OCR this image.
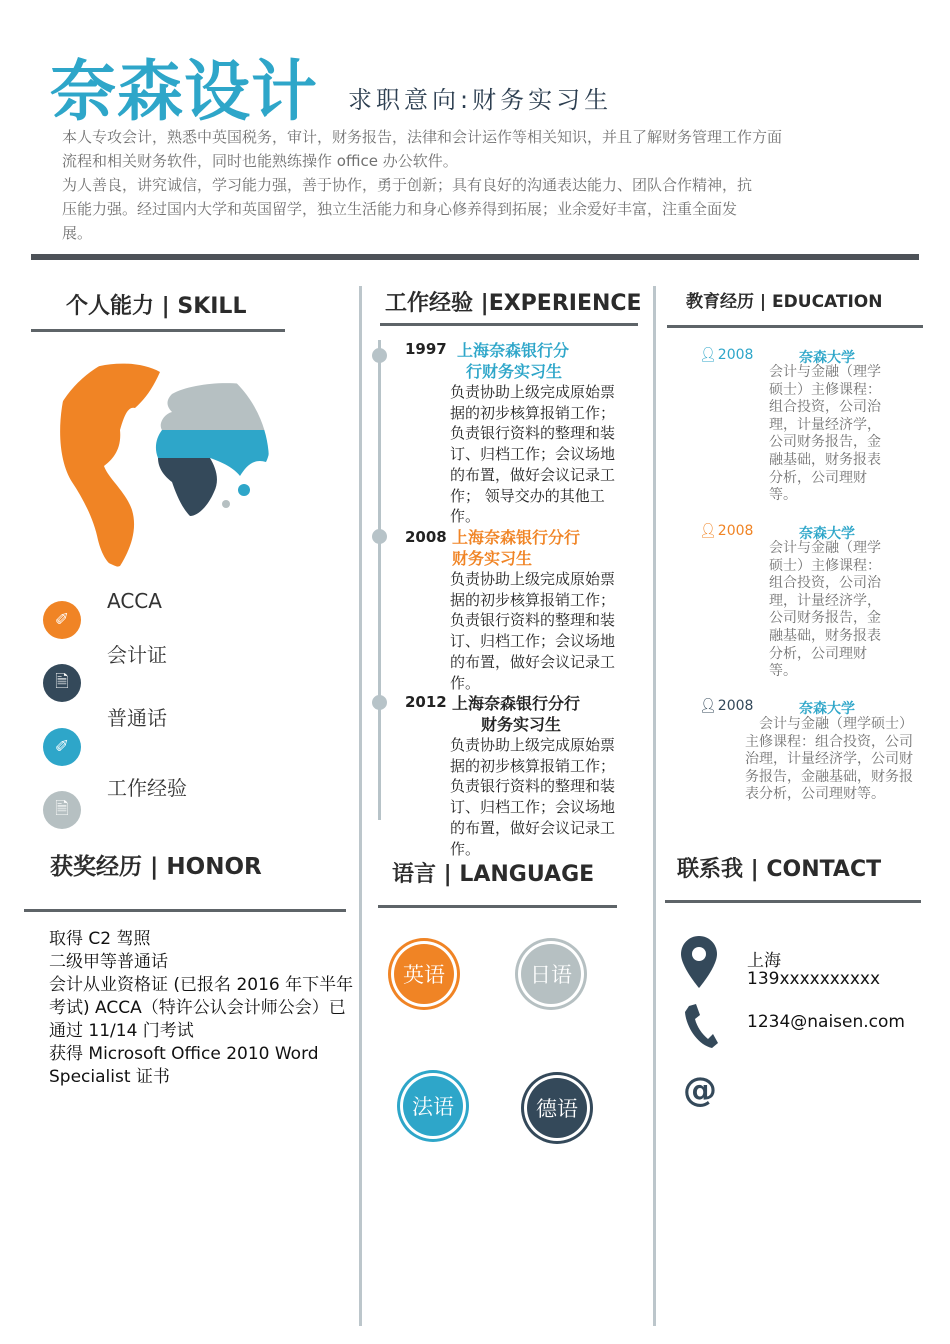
奈森设计 求职意向:财务实习生
本人专攻会计，熟悉中英国税务，审计，财务报告，法律和会计运作等相关知识，并且了解财务管理工作方面
流程和相关财务软件，同时也能熟练操作 office 办公软件。
为人善良，讲究诚信，学习能力强，善于协作，勇于创新；具有良好的沟通表达能力、团队合作精神，抗
压能力强。经过国内大学和英国留学，独立生活能力和身心修养得到拓展；业余爱好丰富，注重全面发
展。
个人能力 | SKILL
✐
ACCA
🗎
会计证
✐
普通话
🗎
工作经验
获奖经历 | HONOR
取得 C2 驾照
二级甲等普通话
会计从业资格证 (已报名 2016 年下半年
考试) ACCA（特许公认会计师公会）已
通过 11/14 门考试
获得 Microsoft Office 2010 Word
Specialist 证书
工作经验 |EXPERIENCE
1997 上海奈森银行分
行财务实习生
负责协助上级完成原始票
据的初步核算报销工作；
负责银行资料的整理和装
订、归档工作；会议场地
的布置，做好会议记录工
作； 领导交办的其他工
作。
2008 上海奈森银行分行
财务实习生
负责协助上级完成原始票
据的初步核算报销工作；
负责银行资料的整理和装
订、归档工作；会议场地
的布置，做好会议记录工
作。
2012 上海奈森银行分行
财务实习生
负责协助上级完成原始票
据的初步核算报销工作；
负责银行资料的整理和装
订、归档工作；会议场地
的布置，做好会议记录工
作。
教育经历 | EDUCATION
👤︎2008	奈森大学
会计与金融（理学
硕士）主修课程：
组合投资，公司治
理，计量经济学，
公司财务报告，金
融基础，财务报表
分析，公司理财
等。
👤︎2008	奈森大学
会计与金融（理学
硕士）主修课程：
组合投资，公司治
理，计量经济学，
公司财务报告，金
融基础，财务报表
分析，公司理财
等。
👤︎2008	奈森大学
会计与金融（理学硕士）
主修课程：组合投资，公司
治理，计量经济学，公司财
务报告，金融基础，财务报
表分析，公司理财等。
语言 | LANGUAGE
英语	日语
法语	德语
联系我 | CONTACT
@
上海
139xxxxxxxxxx
1234@naisen.com
